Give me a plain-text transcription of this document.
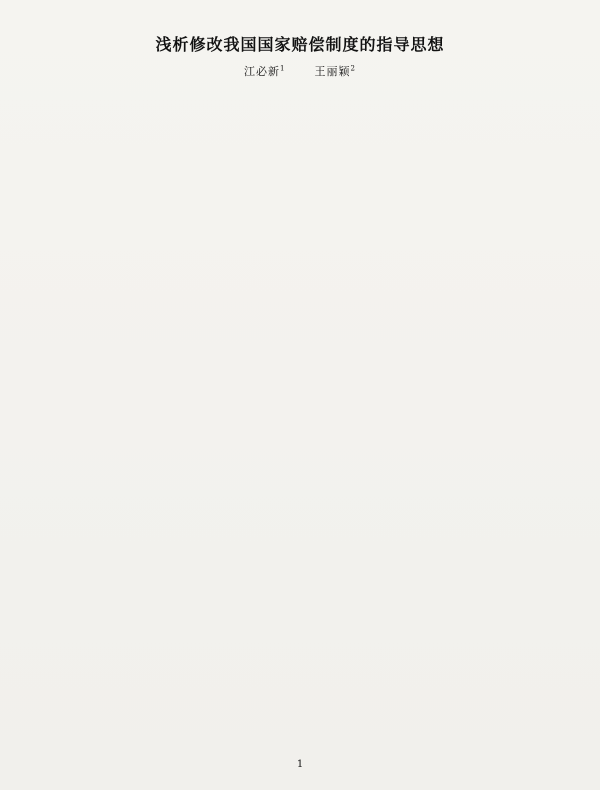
浅析修改我国国家赔偿制度的指导思想
江必新$^1$	王丽颖$^2$
1
